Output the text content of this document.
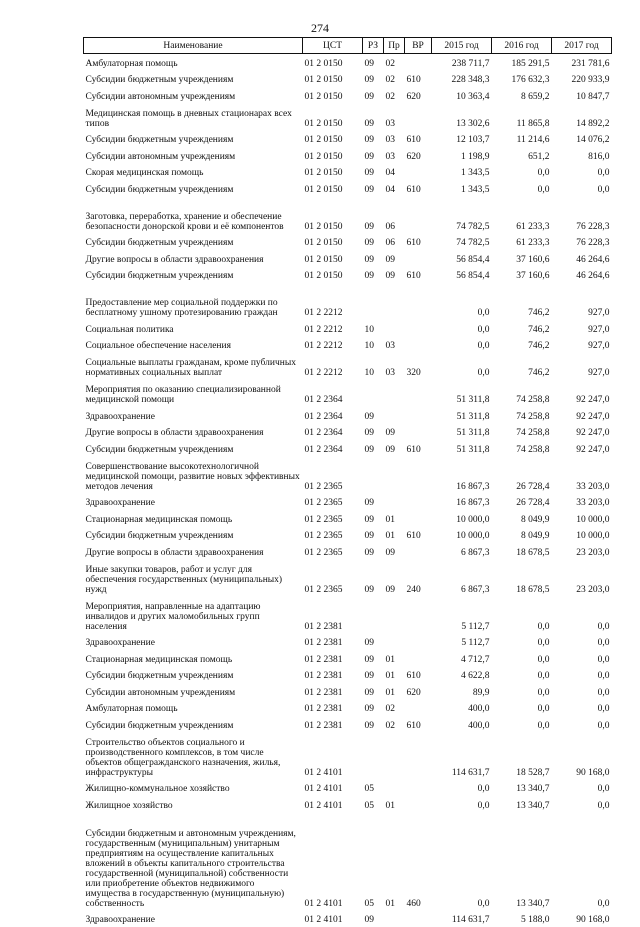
274
Наименование	ЦСТ	РЗ	Пр	ВР	2015 год	2016 год	2017 год
Амбулаторная помощь	01 2 0150	09	02		238 711,7	185 291,5	231 781,6
Субсидии бюджетным учреждениям	01 2 0150	09	02	610	228 348,3	176 632,3	220 933,9
Субсидии автономным учреждениям	01 2 0150	09	02	620	10 363,4	8 659,2	10 847,7
Медицинская помощь в дневных стационарах всех типов	01 2 0150	09	03		13 302,6	11 865,8	14 892,2
Субсидии бюджетным учреждениям	01 2 0150	09	03	610	12 103,7	11 214,6	14 076,2
Субсидии автономным учреждениям	01 2 0150	09	03	620	1 198,9	651,2	816,0
Скорая медицинская помощь	01 2 0150	09	04		1 343,5	0,0	0,0
Субсидии бюджетным учреждениям	01 2 0150	09	04	610	1 343,5	0,0	0,0
Заготовка, переработка, хранение и обеспечение безопасности донорской крови и её компонентов	01 2 0150	09	06		74 782,5	61 233,3	76 228,3
Субсидии бюджетным учреждениям	01 2 0150	09	06	610	74 782,5	61 233,3	76 228,3
Другие вопросы в области здравоохранения	01 2 0150	09	09		56 854,4	37 160,6	46 264,6
Субсидии бюджетным учреждениям	01 2 0150	09	09	610	56 854,4	37 160,6	46 264,6
Предоставление мер социальной поддержки по бесплатному ушному протезированию граждан	01 2 2212				0,0	746,2	927,0
Социальная политика	01 2 2212	10			0,0	746,2	927,0
Социальное обеспечение населения	01 2 2212	10	03		0,0	746,2	927,0
Социальные выплаты гражданам, кроме публичных нормативных социальных выплат	01 2 2212	10	03	320	0,0	746,2	927,0
Мероприятия по оказанию специализированной медицинской помощи	01 2 2364				51 311,8	74 258,8	92 247,0
Здравоохранение	01 2 2364	09			51 311,8	74 258,8	92 247,0
Другие вопросы в области здравоохранения	01 2 2364	09	09		51 311,8	74 258,8	92 247,0
Субсидии бюджетным учреждениям	01 2 2364	09	09	610	51 311,8	74 258,8	92 247,0
Совершенствование высокотехнологичной медицинской помощи, развитие новых эффективных методов лечения	01 2 2365				16 867,3	26 728,4	33 203,0
Здравоохранение	01 2 2365	09			16 867,3	26 728,4	33 203,0
Стационарная медицинская помощь	01 2 2365	09	01		10 000,0	8 049,9	10 000,0
Субсидии бюджетным учреждениям	01 2 2365	09	01	610	10 000,0	8 049,9	10 000,0
Другие вопросы в области здравоохранения	01 2 2365	09	09		6 867,3	18 678,5	23 203,0
Иные закупки товаров, работ и услуг для обеспечения государственных (муниципальных) нужд	01 2 2365	09	09	240	6 867,3	18 678,5	23 203,0
Мероприятия, направленные на адаптацию инвалидов и других маломобильных групп населения	01 2 2381				5 112,7	0,0	0,0
Здравоохранение	01 2 2381	09			5 112,7	0,0	0,0
Стационарная медицинская помощь	01 2 2381	09	01		4 712,7	0,0	0,0
Субсидии бюджетным учреждениям	01 2 2381	09	01	610	4 622,8	0,0	0,0
Субсидии автономным учреждениям	01 2 2381	09	01	620	89,9	0,0	0,0
Амбулаторная помощь	01 2 2381	09	02		400,0	0,0	0,0
Субсидии бюджетным учреждениям	01 2 2381	09	02	610	400,0	0,0	0,0
Строительство объектов социального и производственного комплексов, в том числе объектов общегражданского назначения, жилья, инфраструктуры	01 2 4101				114 631,7	18 528,7	90 168,0
Жилищно-коммунальное хозяйство	01 2 4101	05			0,0	13 340,7	0,0
Жилищное хозяйство	01 2 4101	05	01		0,0	13 340,7	0,0
Субсидии бюджетным и автономным учреждениям, государственным (муниципальным) унитарным предприятиям на осуществление капитальных вложений в объекты капитального строительства государственной (муниципальной) собственности или приобретение объектов недвижимого имущества в государственную (муниципальную) собственность	01 2 4101	05	01	460	0,0	13 340,7	0,0
Здравоохранение	01 2 4101	09			114 631,7	5 188,0	90 168,0
